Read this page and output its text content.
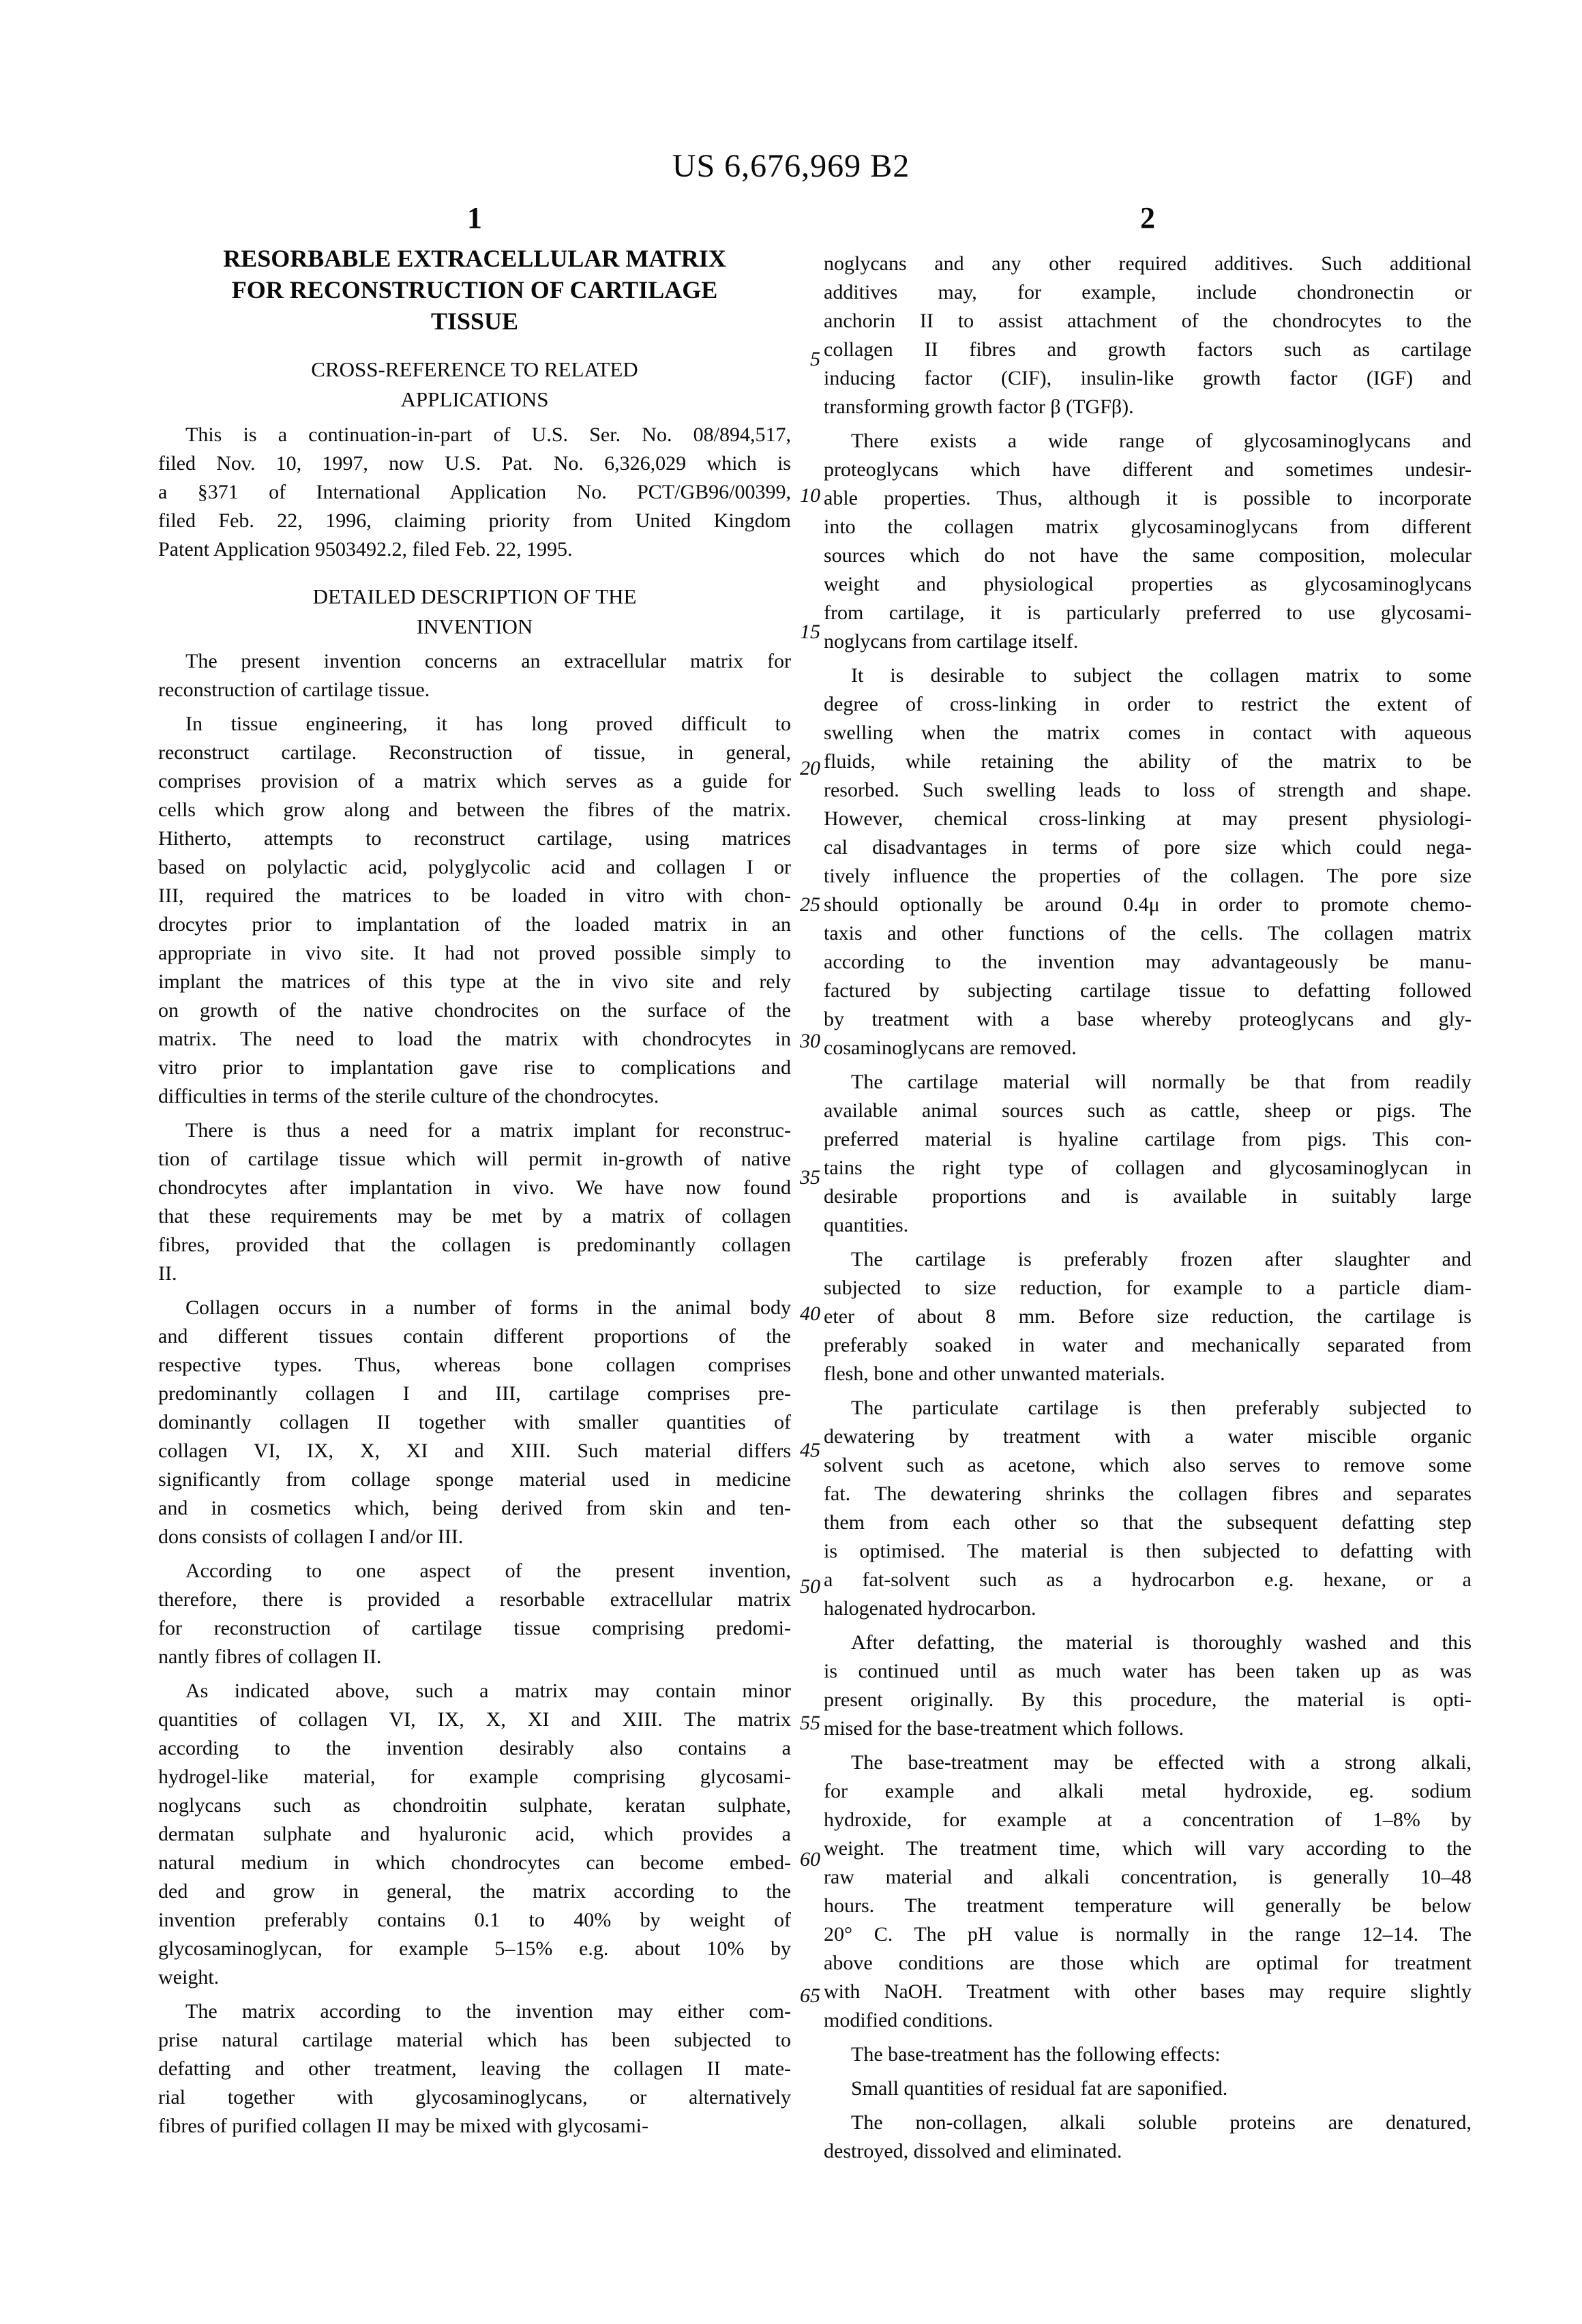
US 6,676,969 B2
5
10
15
20
25
30
35
40
45
50
55
60
65
1
RESORBABLE EXTRACELLULAR MATRIX
FOR RECONSTRUCTION OF CARTILAGE
TISSUE
CROSS-REFERENCE TO RELATED
APPLICATIONS
This is a continuation-in-part of U.S. Ser. No. 08/894,517,
filed Nov. 10, 1997, now U.S. Pat. No. 6,326,029 which is
a §371 of International Application No. PCT/GB96/00399,
filed Feb. 22, 1996, claiming priority from United Kingdom
Patent Application 9503492.2, filed Feb. 22, 1995.
DETAILED DESCRIPTION OF THE
INVENTION
The present invention concerns an extracellular matrix for
reconstruction of cartilage tissue.
In tissue engineering, it has long proved difficult to
reconstruct cartilage. Reconstruction of tissue, in general,
comprises provision of a matrix which serves as a guide for
cells which grow along and between the fibres of the matrix.
Hitherto, attempts to reconstruct cartilage, using matrices
based on polylactic acid, polyglycolic acid and collagen I or
III, required the matrices to be loaded in vitro with chon-
drocytes prior to implantation of the loaded matrix in an
appropriate in vivo site. It had not proved possible simply to
implant the matrices of this type at the in vivo site and rely
on growth of the native chondrocites on the surface of the
matrix. The need to load the matrix with chondrocytes in
vitro prior to implantation gave rise to complications and
difficulties in terms of the sterile culture of the chondrocytes.
There is thus a need for a matrix implant for reconstruc-
tion of cartilage tissue which will permit in-growth of native
chondrocytes after implantation in vivo. We have now found
that these requirements may be met by a matrix of collagen
fibres, provided that the collagen is predominantly collagen
II.
Collagen occurs in a number of forms in the animal body
and different tissues contain different proportions of the
respective types. Thus, whereas bone collagen comprises
predominantly collagen I and III, cartilage comprises pre-
dominantly collagen II together with smaller quantities of
collagen VI, IX, X, XI and XIII. Such material differs
significantly from collage sponge material used in medicine
and in cosmetics which, being derived from skin and ten-
dons consists of collagen I and/or III.
According to one aspect of the present invention,
therefore, there is provided a resorbable extracellular matrix
for reconstruction of cartilage tissue comprising predomi-
nantly fibres of collagen II.
As indicated above, such a matrix may contain minor
quantities of collagen VI, IX, X, XI and XIII. The matrix
according to the invention desirably also contains a
hydrogel-like material, for example comprising glycosami-
noglycans such as chondroitin sulphate, keratan sulphate,
dermatan sulphate and hyaluronic acid, which provides a
natural medium in which chondrocytes can become embed-
ded and grow in general, the matrix according to the
invention preferably contains 0.1 to 40% by weight of
glycosaminoglycan, for example 5–15% e.g. about 10% by
weight.
The matrix according to the invention may either com-
prise natural cartilage material which has been subjected to
defatting and other treatment, leaving the collagen II mate-
rial together with glycosaminoglycans, or alternatively
fibres of purified collagen II may be mixed with glycosami-
2
noglycans and any other required additives. Such additional
additives may, for example, include chondronectin or
anchorin II to assist attachment of the chondrocytes to the
collagen II fibres and growth factors such as cartilage
inducing factor (CIF), insulin-like growth factor (IGF) and
transforming growth factor β (TGFβ).
There exists a wide range of glycosaminoglycans and
proteoglycans which have different and sometimes undesir-
able properties. Thus, although it is possible to incorporate
into the collagen matrix glycosaminoglycans from different
sources which do not have the same composition, molecular
weight and physiological properties as glycosaminoglycans
from cartilage, it is particularly preferred to use glycosami-
noglycans from cartilage itself.
It is desirable to subject the collagen matrix to some
degree of cross-linking in order to restrict the extent of
swelling when the matrix comes in contact with aqueous
fluids, while retaining the ability of the matrix to be
resorbed. Such swelling leads to loss of strength and shape.
However, chemical cross-linking at may present physiologi-
cal disadvantages in terms of pore size which could nega-
tively influence the properties of the collagen. The pore size
should optionally be around 0.4μ in order to promote chemo-
taxis and other functions of the cells. The collagen matrix
according to the invention may advantageously be manu-
factured by subjecting cartilage tissue to defatting followed
by treatment with a base whereby proteoglycans and gly-
cosaminoglycans are removed.
The cartilage material will normally be that from readily
available animal sources such as cattle, sheep or pigs. The
preferred material is hyaline cartilage from pigs. This con-
tains the right type of collagen and glycosaminoglycan in
desirable proportions and is available in suitably large
quantities.
The cartilage is preferably frozen after slaughter and
subjected to size reduction, for example to a particle diam-
eter of about 8 mm. Before size reduction, the cartilage is
preferably soaked in water and mechanically separated from
flesh, bone and other unwanted materials.
The particulate cartilage is then preferably subjected to
dewatering by treatment with a water miscible organic
solvent such as acetone, which also serves to remove some
fat. The dewatering shrinks the collagen fibres and separates
them from each other so that the subsequent defatting step
is optimised. The material is then subjected to defatting with
a fat-solvent such as a hydrocarbon e.g. hexane, or a
halogenated hydrocarbon.
After defatting, the material is thoroughly washed and this
is continued until as much water has been taken up as was
present originally. By this procedure, the material is opti-
mised for the base-treatment which follows.
The base-treatment may be effected with a strong alkali,
for example and alkali metal hydroxide, eg. sodium
hydroxide, for example at a concentration of 1–8% by
weight. The treatment time, which will vary according to the
raw material and alkali concentration, is generally 10–48
hours. The treatment temperature will generally be below
20° C. The pH value is normally in the range 12–14. The
above conditions are those which are optimal for treatment
with NaOH. Treatment with other bases may require slightly
modified conditions.
The base-treatment has the following effects:
Small quantities of residual fat are saponified.
The non-collagen, alkali soluble proteins are denatured,
destroyed, dissolved and eliminated.
